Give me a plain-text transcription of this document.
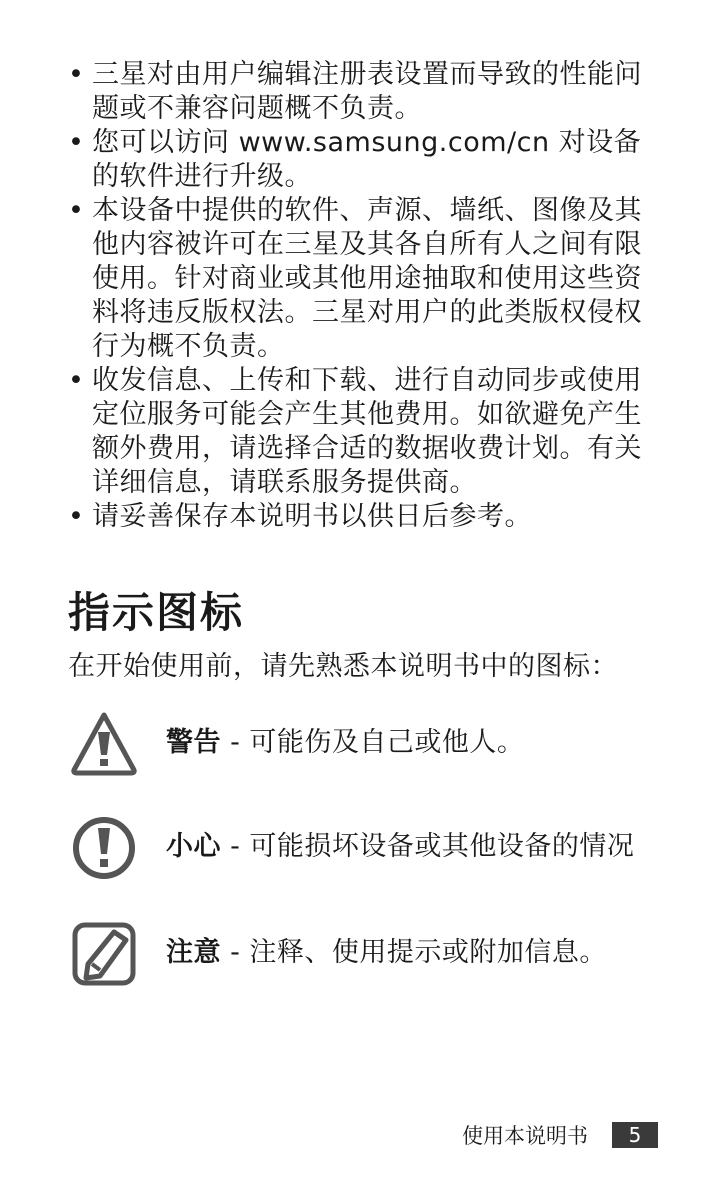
• 三星对由用户编辑注册表设置而导致的性能问题或不兼容问题概不负责。
• 您可以访问 www.samsung.com/cn 对设备的软件进行升级。
• 本设备中提供的软件、声源、墙纸、图像及其他内容被许可在三星及其各自所有人之间有限使用。针对商业或其他用途抽取和使用这些资料将违反版权法。三星对用户的此类版权侵权行为概不负责。
• 收发信息、上传和下载、进行自动同步或使用定位服务可能会产生其他费用。如欲避免产生额外费用，请选择合适的数据收费计划。有关详细信息，请联系服务提供商。
• 请妥善保存本说明书以供日后参考。
指示图标

在开始使用前，请先熟悉本说明书中的图标：

警告 - 可能伤及自己或他人。
小心 - 可能损坏设备或其他设备的情况
注意 - 注释、使用提示或附加信息。
使用本说明书	5
